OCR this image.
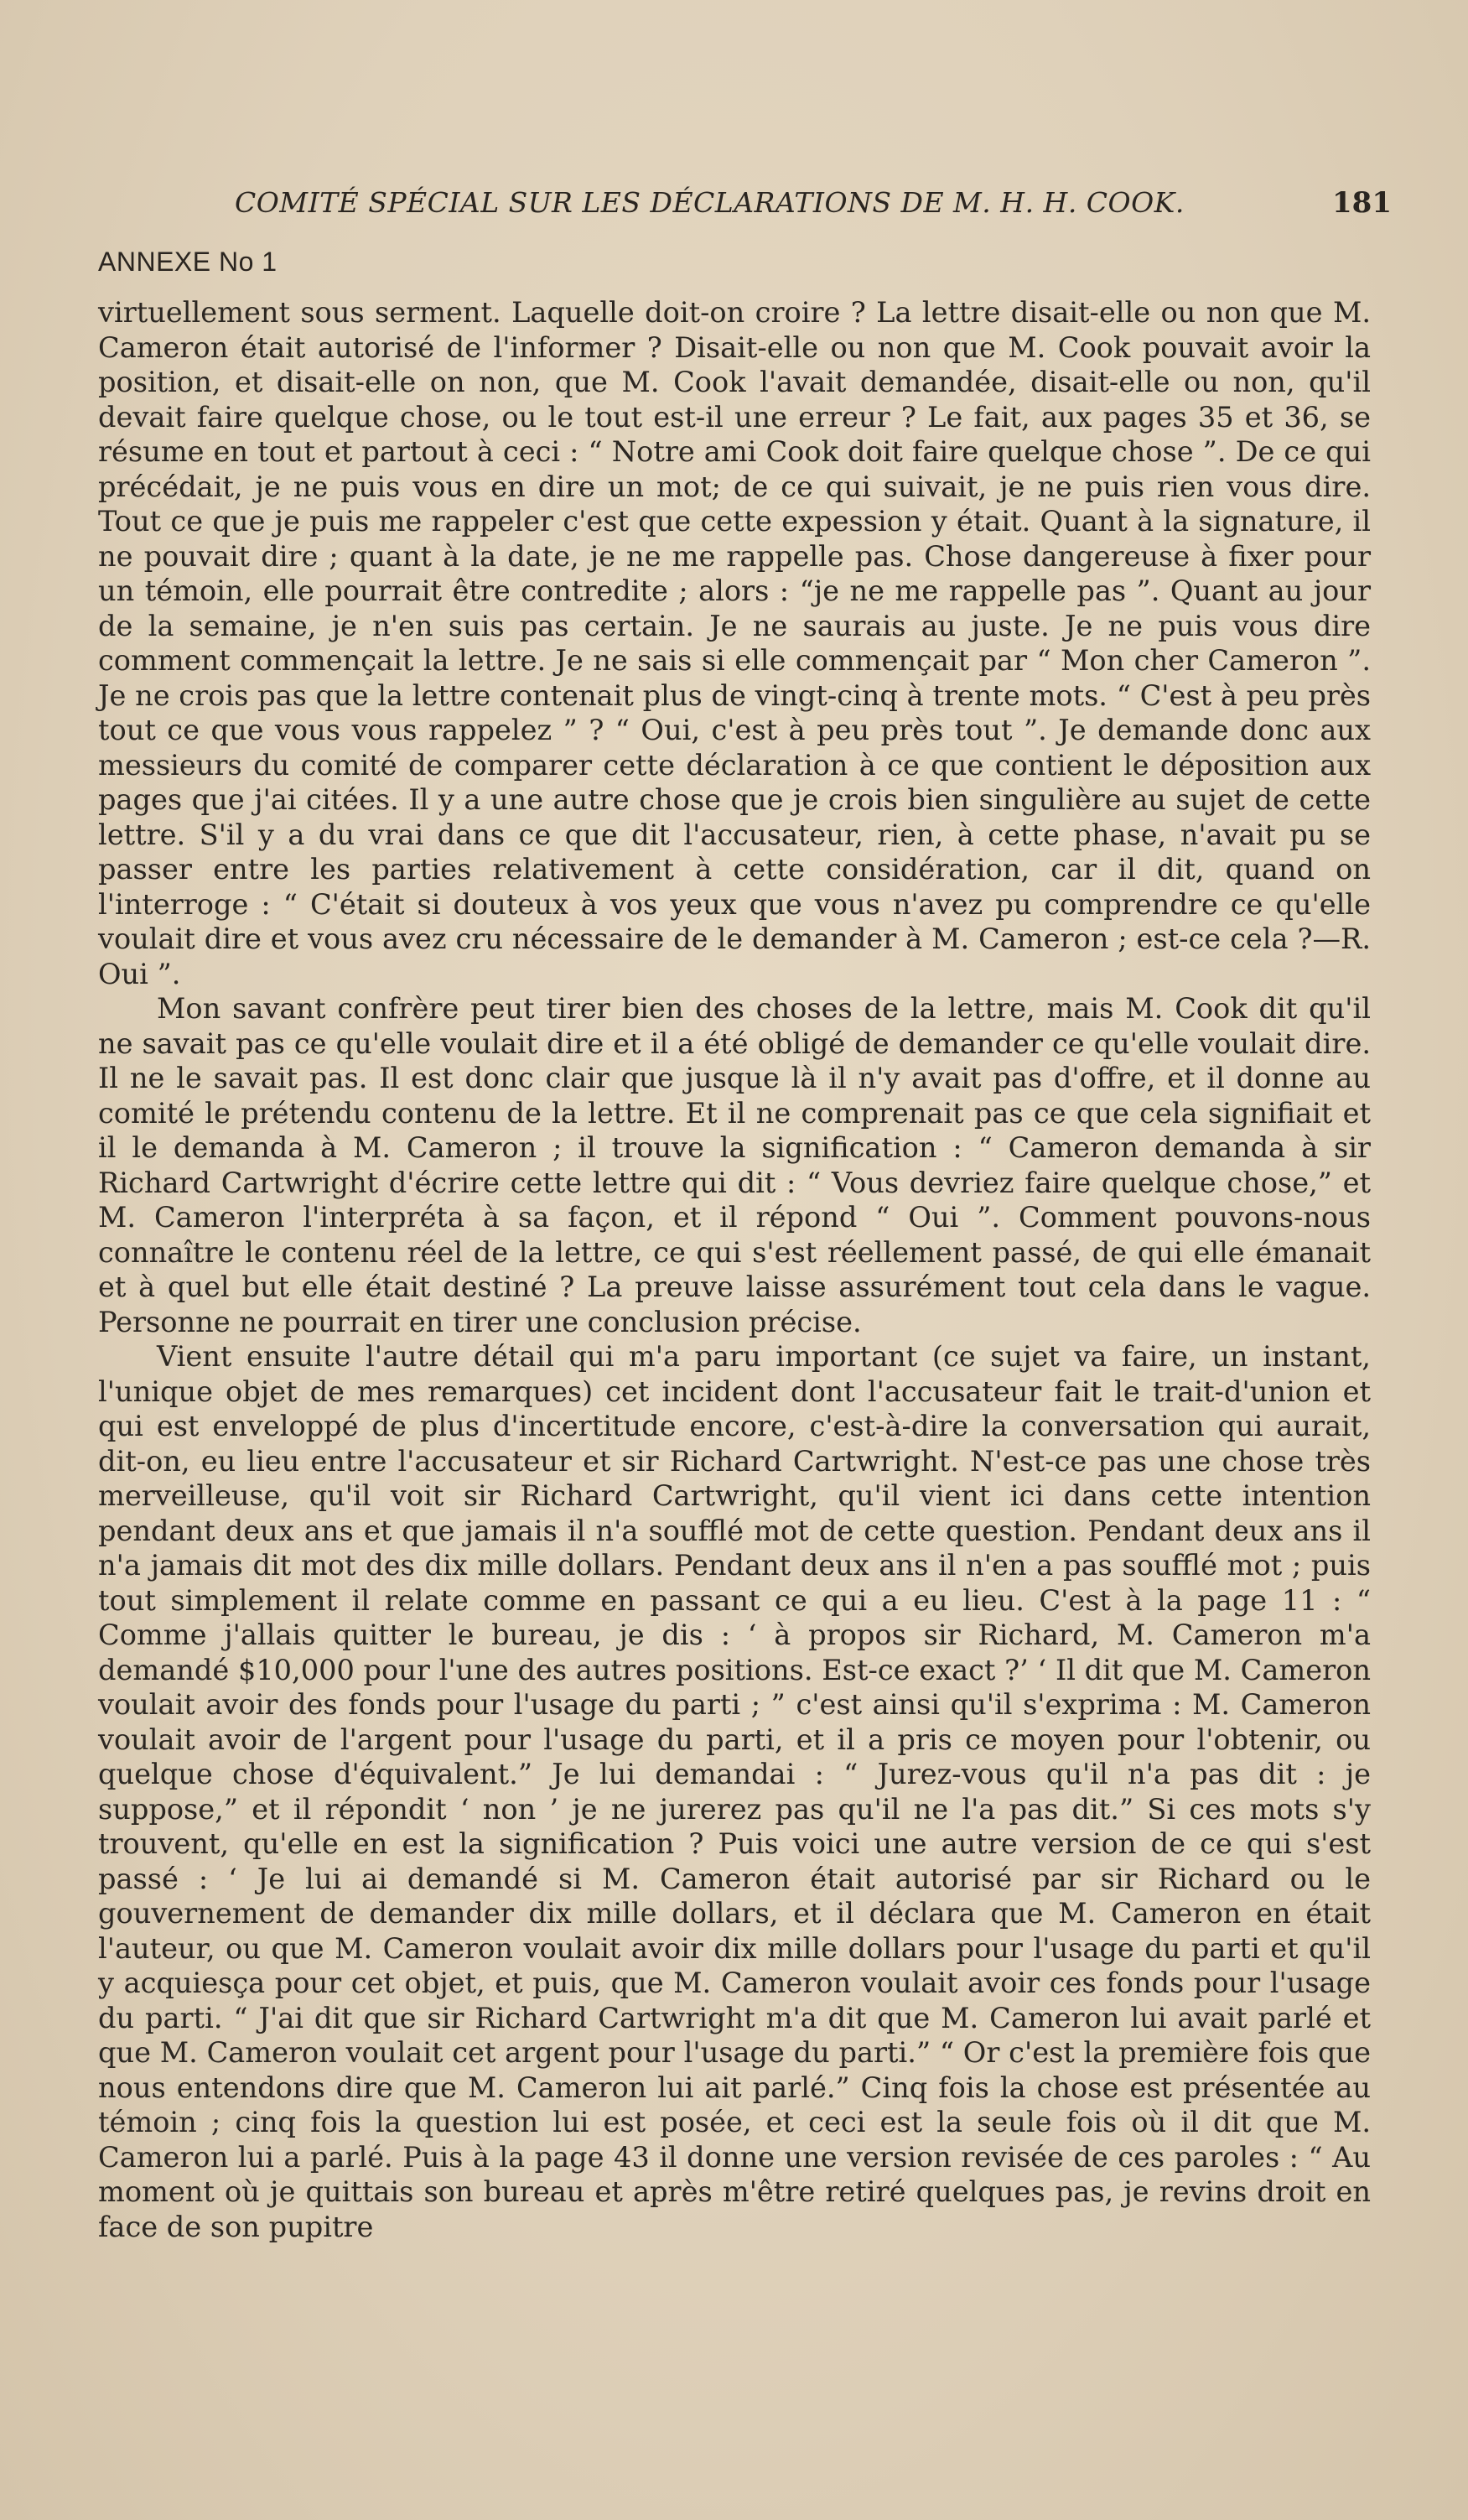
COMITÉ SPÉCIAL SUR LES DÉCLARATIONS DE M. H. H. COOK.	181
ANNEXE No 1

virtuellement sous serment. Laquelle doit-on croire ? La lettre disait-elle ou non que M. Cameron était autorisé de l'informer ? Disait-elle ou non que M. Cook pouvait avoir la position, et disait-elle on non, que M. Cook l'avait demandée, disait-elle ou non, qu'il devait faire quelque chose, ou le tout est-il une erreur ? Le fait, aux pages 35 et 36, se résume en tout et partout à ceci : “ Notre ami Cook doit faire quelque chose ”. De ce qui précédait, je ne puis vous en dire un mot; de ce qui suivait, je ne puis rien vous dire. Tout ce que je puis me rappeler c'est que cette expession y était. Quant à la signature, il ne pouvait dire ; quant à la date, je ne me rappelle pas. Chose dangereuse à fixer pour un témoin, elle pourrait être contredite ; alors : “je ne me rappelle pas ”. Quant au jour de la semaine, je n'en suis pas certain. Je ne saurais au juste. Je ne puis vous dire comment commençait la lettre. Je ne sais si elle commençait par “ Mon cher Cameron ”. Je ne crois pas que la lettre contenait plus de vingt-cinq à trente mots. “ C'est à peu près tout ce que vous vous rappelez ” ? “ Oui, c'est à peu près tout ”. Je demande donc aux messieurs du comité de comparer cette déclaration à ce que contient le déposition aux pages que j'ai citées. Il y a une autre chose que je crois bien singulière au sujet de cette lettre. S'il y a du vrai dans ce que dit l'accusateur, rien, à cette phase, n'avait pu se passer entre les parties relativement à cette considération, car il dit, quand on l'interroge : “ C'était si douteux à vos yeux que vous n'avez pu comprendre ce qu'elle voulait dire et vous avez cru nécessaire de le demander à M. Cameron ; est-ce cela ?—R. Oui ”.

Mon savant confrère peut tirer bien des choses de la lettre, mais M. Cook dit qu'il ne savait pas ce qu'elle voulait dire et il a été obligé de demander ce qu'elle voulait dire. Il ne le savait pas. Il est donc clair que jusque là il n'y avait pas d'offre, et il donne au comité le prétendu contenu de la lettre. Et il ne comprenait pas ce que cela signifiait et il le demanda à M. Cameron ; il trouve la signification : “ Cameron demanda à sir Richard Cartwright d'écrire cette lettre qui dit : “ Vous devriez faire quelque chose,” et M. Cameron l'interpréta à sa façon, et il répond “ Oui ”. Comment pouvons-nous connaître le contenu réel de la lettre, ce qui s'est réellement passé, de qui elle émanait et à quel but elle était destiné ? La preuve laisse assurément tout cela dans le vague. Personne ne pourrait en tirer une conclusion précise.

Vient ensuite l'autre détail qui m'a paru important (ce sujet va faire, un instant, l'unique objet de mes remarques) cet incident dont l'accusateur fait le trait-d'union et qui est enveloppé de plus d'incertitude encore, c'est-à-dire la conversation qui aurait, dit-on, eu lieu entre l'accusateur et sir Richard Cartwright. N'est-ce pas une chose très merveilleuse, qu'il voit sir Richard Cartwright, qu'il vient ici dans cette intention pendant deux ans et que jamais il n'a soufflé mot de cette question. Pendant deux ans il n'a jamais dit mot des dix mille dollars. Pendant deux ans il n'en a pas soufflé mot ; puis tout simplement il relate comme en passant ce qui a eu lieu. C'est à la page 11 : “ Comme j'allais quitter le bureau, je dis : ‘ à propos sir Richard, M. Cameron m'a demandé $10,000 pour l'une des autres positions. Est-ce exact ?’ ‘ Il dit que M. Cameron voulait avoir des fonds pour l'usage du parti ; ” c'est ainsi qu'il s'exprima : M. Cameron voulait avoir de l'argent pour l'usage du parti, et il a pris ce moyen pour l'obtenir, ou quelque chose d'équivalent.” Je lui demandai : “ Jurez-vous qu'il n'a pas dit : je suppose,” et il répondit ‘ non ’ je ne jurerez pas qu'il ne l'a pas dit.” Si ces mots s'y trouvent, qu'elle en est la signification ? Puis voici une autre version de ce qui s'est passé : ‘ Je lui ai demandé si M. Cameron était autorisé par sir Richard ou le gouvernement de demander dix mille dollars, et il déclara que M. Cameron en était l'auteur, ou que M. Cameron voulait avoir dix mille dollars pour l'usage du parti et qu'il y acquiesça pour cet objet, et puis, que M. Cameron voulait avoir ces fonds pour l'usage du parti. “ J'ai dit que sir Richard Cartwright m'a dit que M. Cameron lui avait parlé et que M. Cameron voulait cet argent pour l'usage du parti.” “ Or c'est la première fois que nous entendons dire que M. Cameron lui ait parlé.” Cinq fois la chose est présentée au témoin ; cinq fois la question lui est posée, et ceci est la seule fois où il dit que M. Cameron lui a parlé. Puis à la page 43 il donne une version revisée de ces paroles : “ Au moment où je quittais son bureau et après m'être retiré quelques pas, je revins droit en face de son pupitre
